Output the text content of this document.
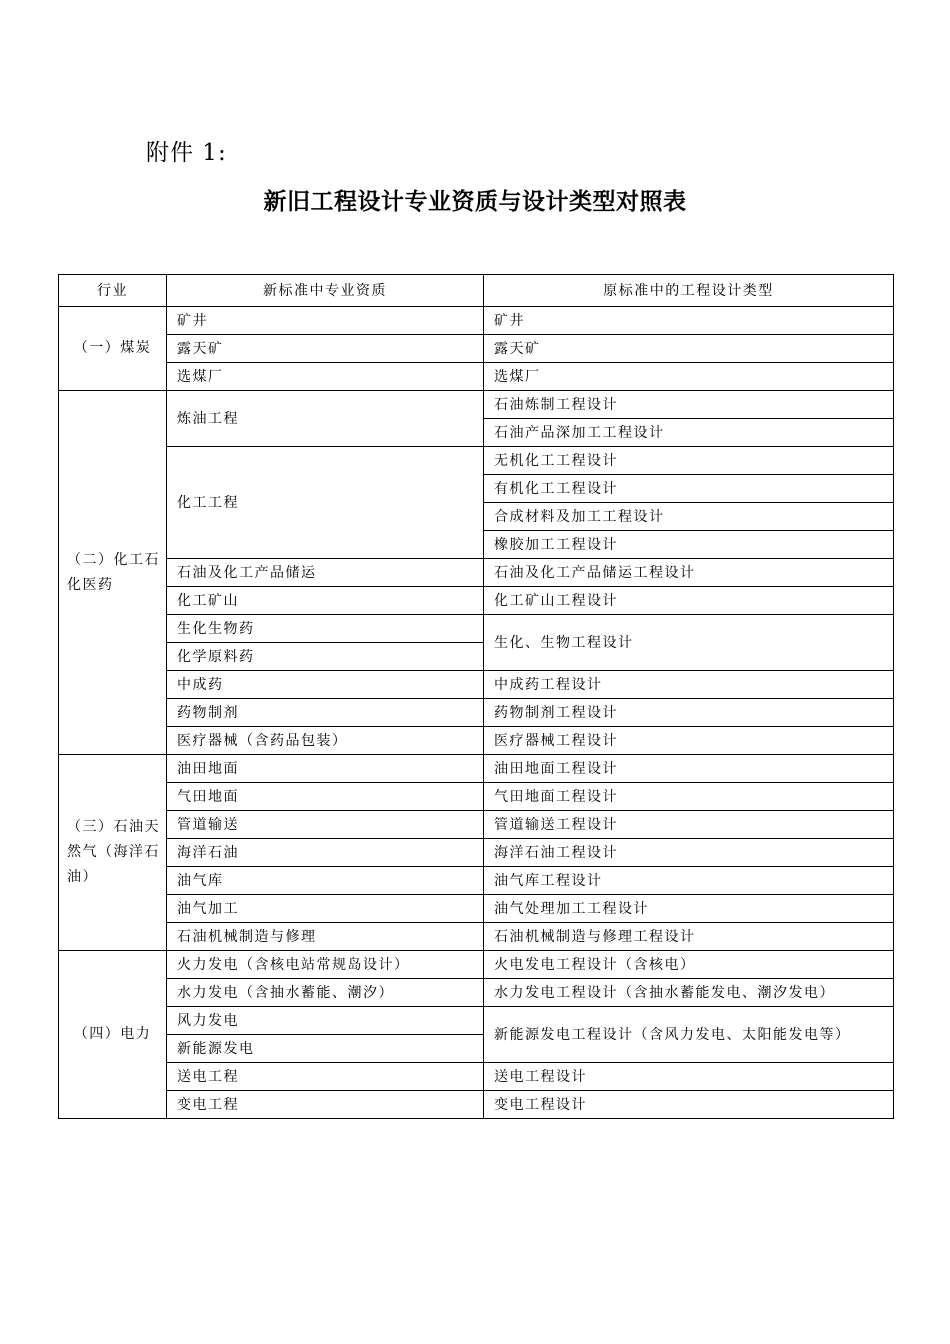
附件 1:
新旧工程设计专业资质与设计类型对照表
行业	新标准中专业资质	原标准中的工程设计类型
（一）煤炭	矿井	矿井
	露天矿	露天矿
	选煤厂	选煤厂
（二）化工石化医药	炼油工程	石油炼制工程设计
		石油产品深加工工程设计
	化工工程	无机化工工程设计
		有机化工工程设计
		合成材料及加工工程设计
		橡胶加工工程设计
	石油及化工产品储运	石油及化工产品储运工程设计
	化工矿山	化工矿山工程设计
	生化生物药	生化、生物工程设计
	化学原料药	
	中成药	中成药工程设计
	药物制剂	药物制剂工程设计
	医疗器械（含药品包装）	医疗器械工程设计
（三）石油天然气（海洋石油）	油田地面	油田地面工程设计
	气田地面	气田地面工程设计
	管道输送	管道输送工程设计
	海洋石油	海洋石油工程设计
	油气库	油气库工程设计
	油气加工	油气处理加工工程设计
	石油机械制造与修理	石油机械制造与修理工程设计
（四）电力	火力发电（含核电站常规岛设计）	火电发电工程设计（含核电）
	水力发电（含抽水蓄能、潮汐）	水力发电工程设计（含抽水蓄能发电、潮汐发电）
	风力发电	新能源发电工程设计（含风力发电、太阳能发电等）
	新能源发电	
	送电工程	送电工程设计
	变电工程	变电工程设计
